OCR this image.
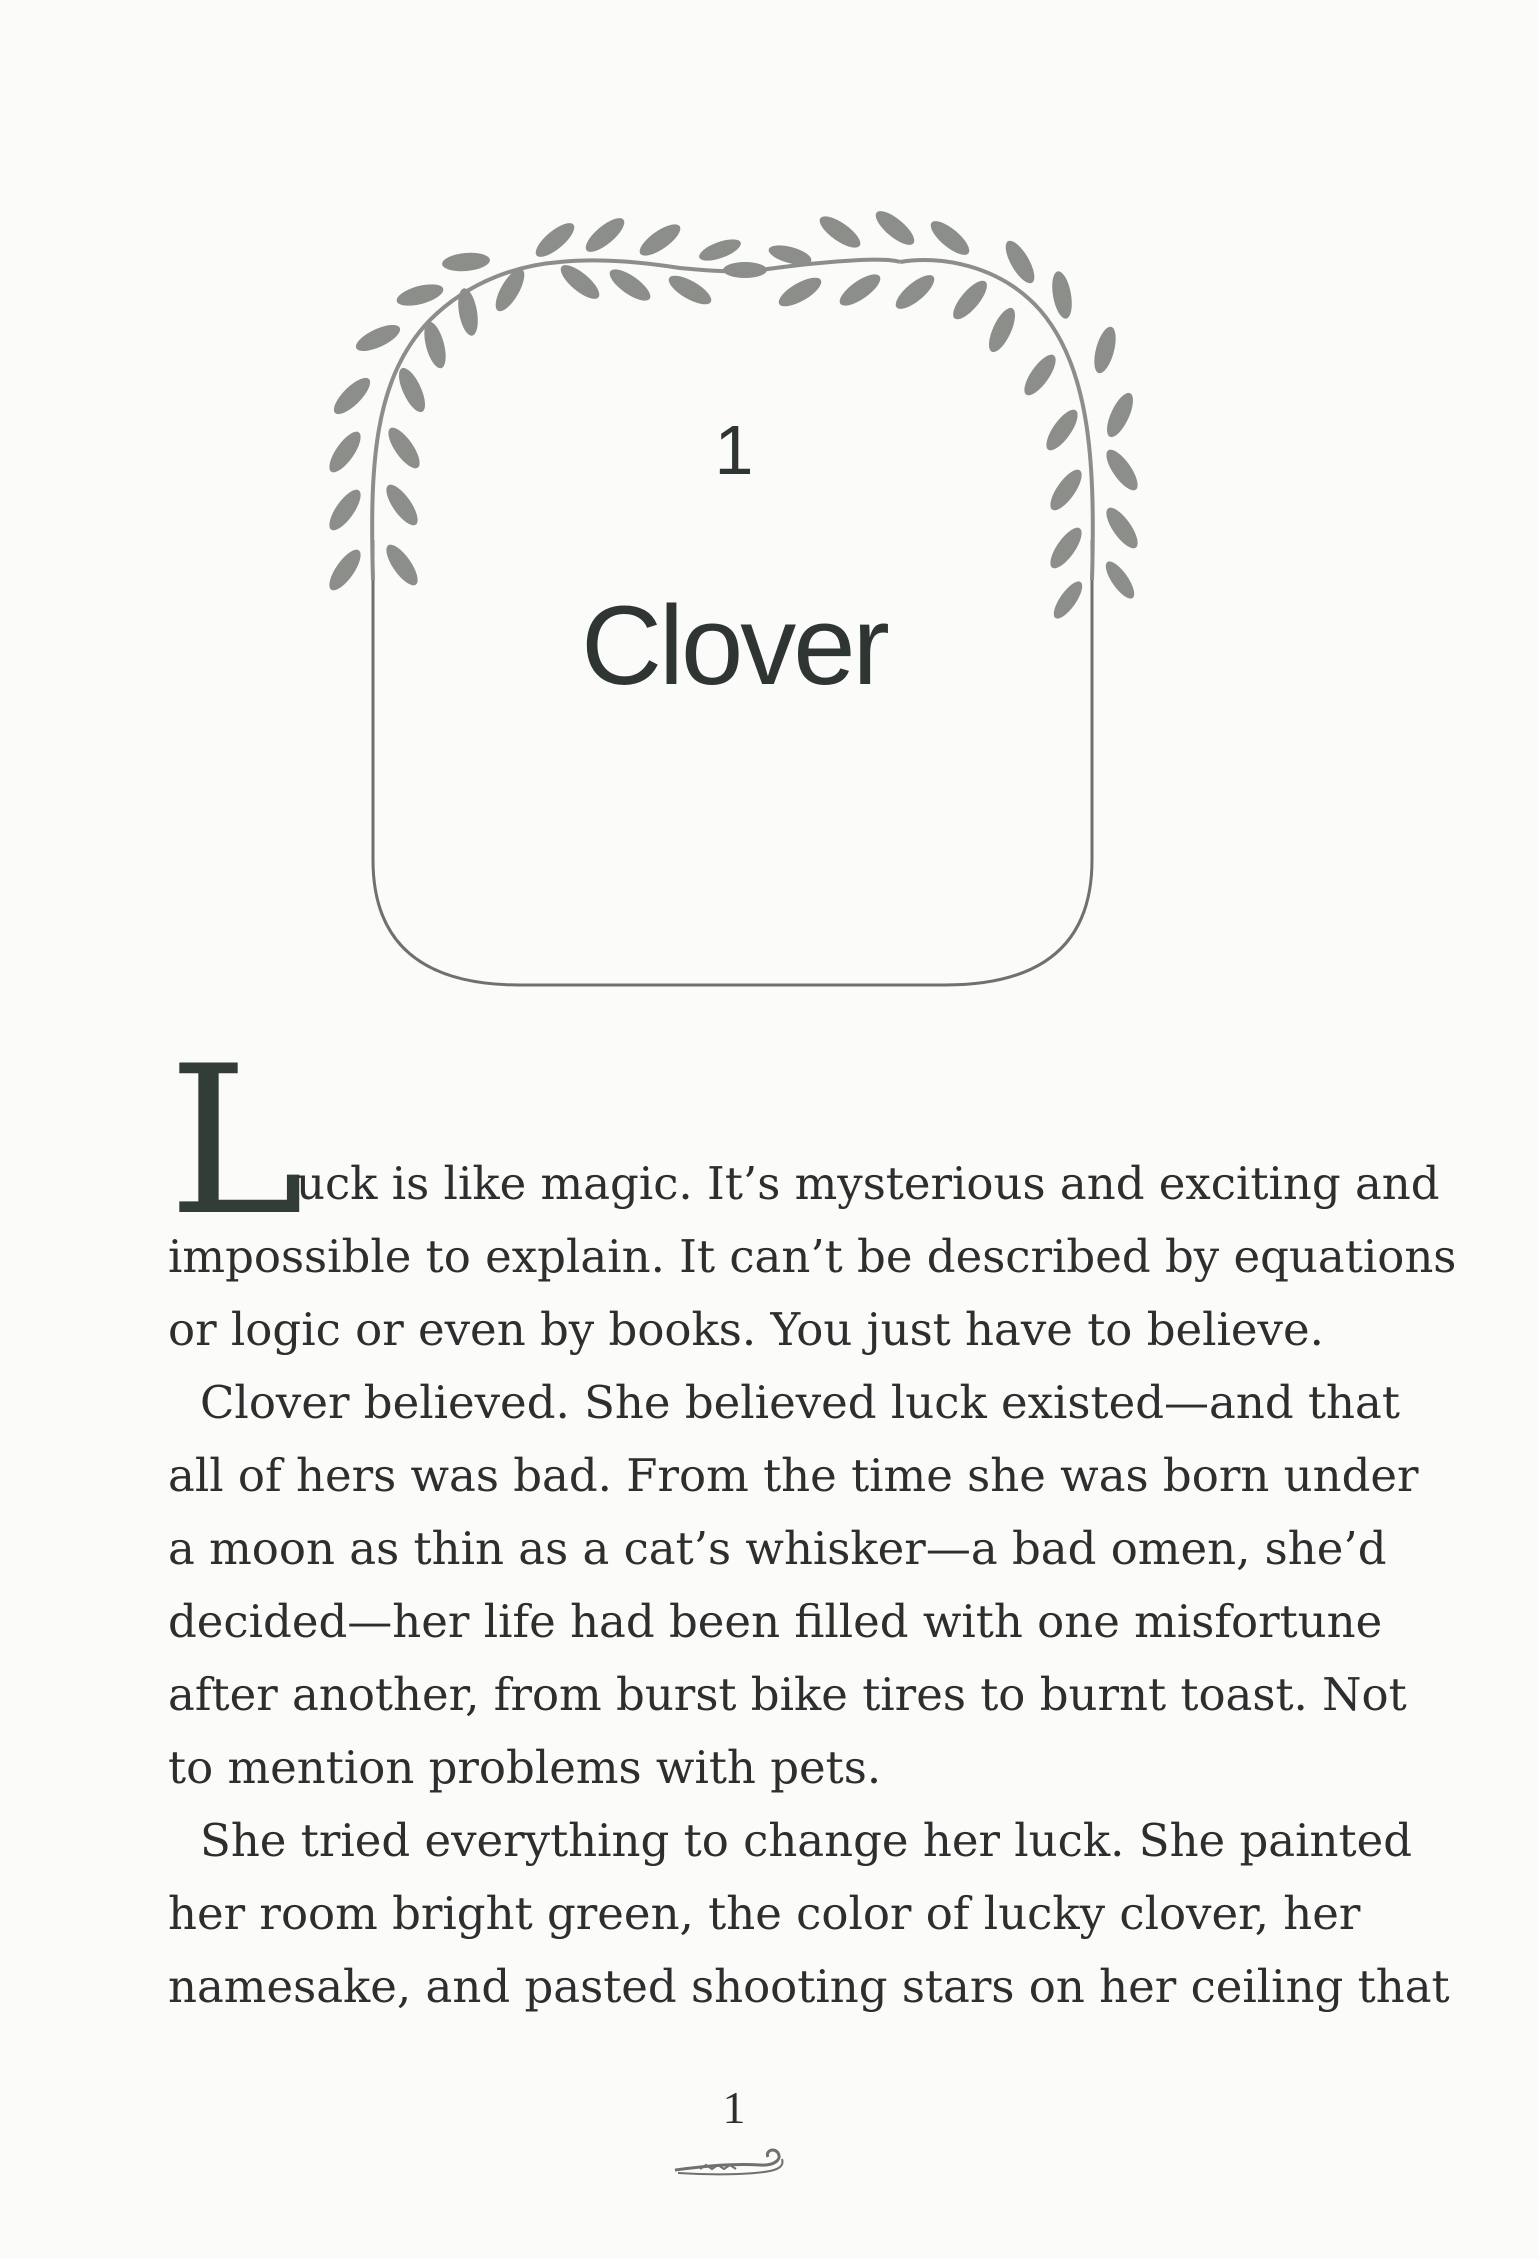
1
Clover
L
uck is like magic. It’s mysterious and exciting and
impossible to explain. It can’t be described by equations
or logic or even by books. You just have to believe.
Clover believed. She believed luck existed—and that
all of hers was bad. From the time she was born under
a moon as thin as a cat’s whisker—a bad omen, she’d
decided—her life had been filled with one misfortune
after another, from burst bike tires to burnt toast. Not
to mention problems with pets.
She tried everything to change her luck. She painted
her room bright green, the color of lucky clover, her
namesake, and pasted shooting stars on her ceiling that
1
